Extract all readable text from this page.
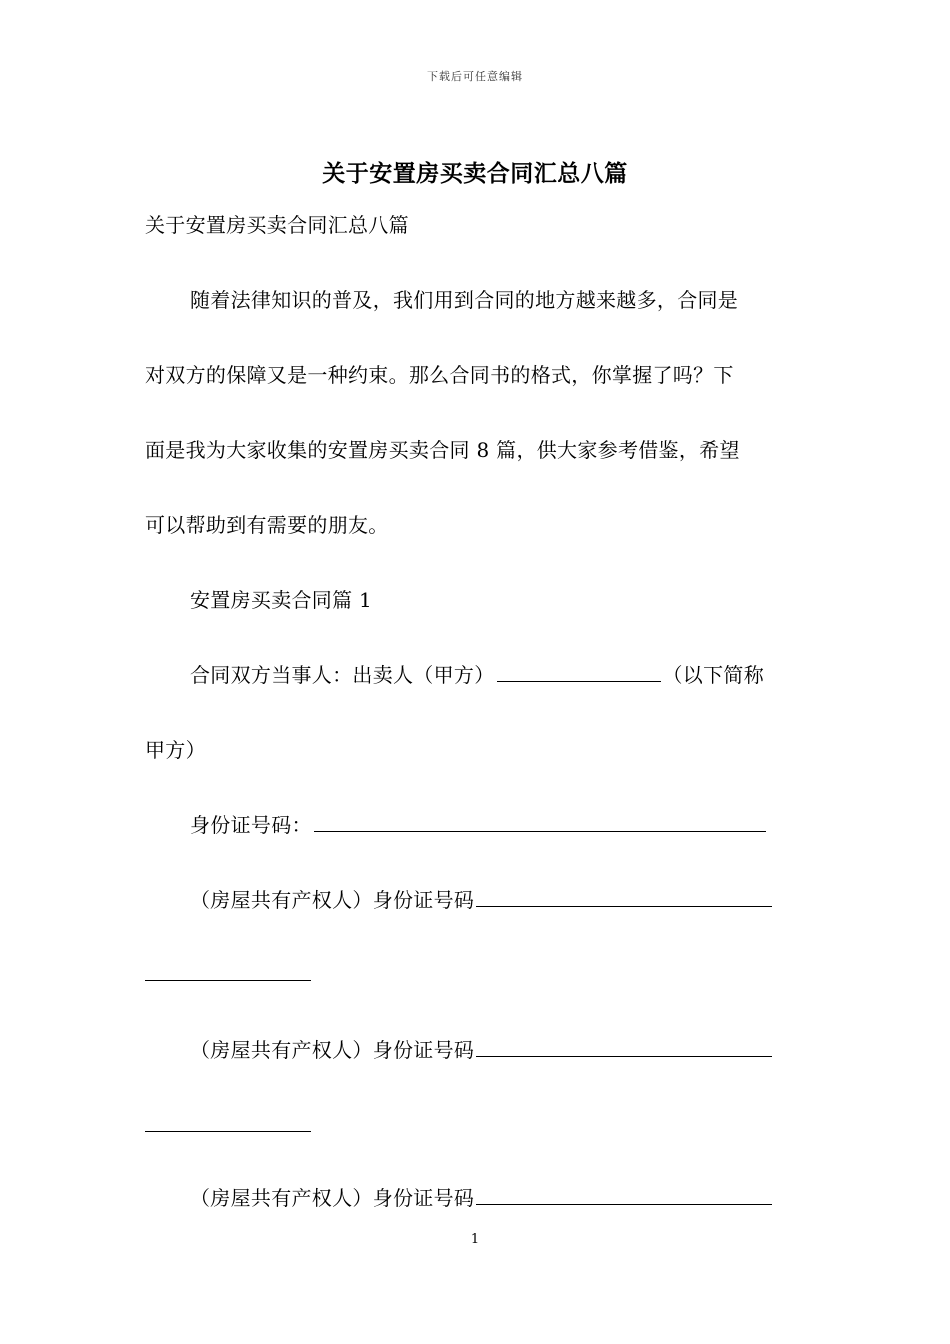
下载后可任意编辑
关于安置房买卖合同汇总八篇
关于安置房买卖合同汇总八篇
随着法律知识的普及，我们用到合同的地方越来越多，合同是
对双方的保障又是一种约束。那么合同书的格式，你掌握了吗？下
面是我为大家收集的安置房买卖合同 8 篇，供大家参考借鉴，希望
可以帮助到有需要的朋友。
安置房买卖合同篇 1
合同双方当事人：出卖人（甲方）	（以下简称
甲方）
身份证号码：
（房屋共有产权人）身份证号码
（房屋共有产权人）身份证号码
（房屋共有产权人）身份证号码
1
